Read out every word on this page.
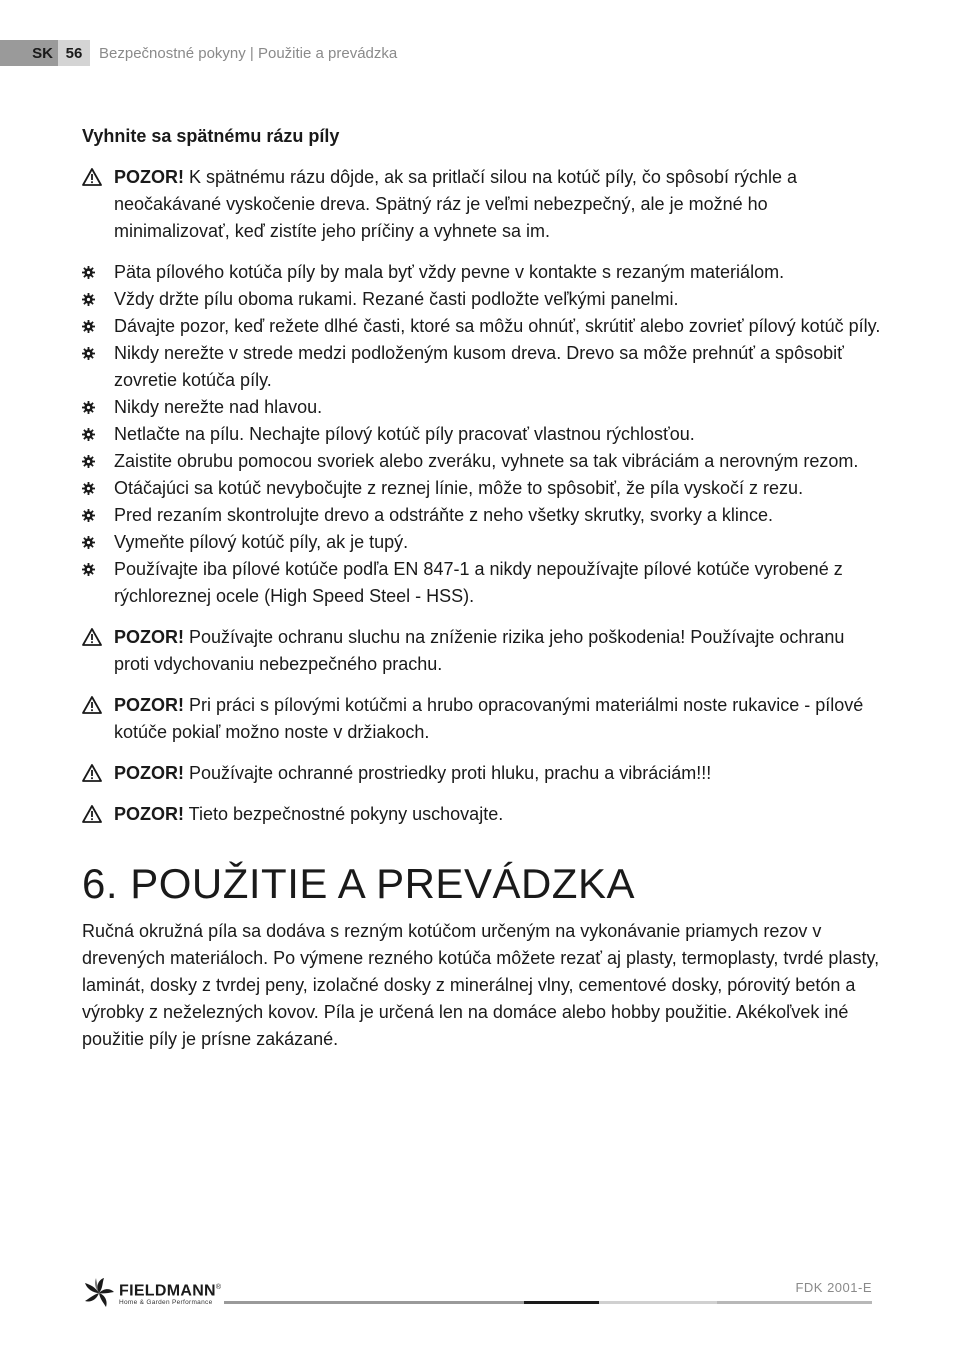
SK 56	Bezpečnostné pokyny | Použitie a prevádzka
Vyhnite sa spätnému rázu píly
POZOR! K spätnému rázu dôjde, ak sa pritlačí silou na kotúč píly, čo spôsobí rýchle a neočakávané vyskočenie dreva. Spätný ráz je veľmi nebezpečný, ale je možné ho minimalizovať, keď zistíte jeho príčiny a vyhnete sa im.
Päta pílového kotúča píly by mala byť vždy pevne v kontakte s rezaným materiálom.
Vždy držte pílu oboma rukami. Rezané časti podložte veľkými panelmi.
Dávajte pozor, keď režete dlhé časti, ktoré sa môžu ohnúť, skrútiť alebo zovrieť pílový kotúč píly.
Nikdy nerežte v strede medzi podloženým kusom dreva. Drevo sa môže prehnúť a spôsobiť zovretie kotúča píly.
Nikdy nerežte nad hlavou.
Netlačte na pílu. Nechajte pílový kotúč píly pracovať vlastnou rýchlosťou.
Zaistite obrubu pomocou svoriek alebo zveráku, vyhnete sa tak vibráciám a nerovným rezom.
Otáčajúci sa kotúč nevybočujte z reznej línie, môže to spôsobiť, že píla vyskočí z rezu.
Pred rezaním skontrolujte drevo a odstráňte z neho všetky skrutky, svorky a klince.
Vymeňte pílový kotúč píly, ak je tupý.
Používajte iba pílové kotúče podľa EN 847-1 a nikdy nepoužívajte pílové kotúče vyrobené z rýchloreznej ocele (High Speed Steel - HSS).
POZOR! Používajte ochranu sluchu na zníženie rizika jeho poškodenia! Používajte ochranu proti vdychovaniu nebezpečného prachu.
POZOR! Pri práci s pílovými kotúčmi a hrubo opracovanými materiálmi noste rukavice - pílové kotúče pokiaľ možno noste v držiakoch.
POZOR! Používajte ochranné prostriedky proti hluku, prachu a vibráciám!!!
POZOR! Tieto bezpečnostné pokyny uschovajte.
6. POUŽITIE A PREVÁDZKA

Ručná okružná píla sa dodáva s rezným kotúčom určeným na vykonávanie priamych rezov v drevených materiáloch. Po výmene rezného kotúča môžete rezať aj plasty, termoplasty, tvrdé plasty, laminát, dosky z tvrdej peny, izolačné dosky z minerálnej vlny, cementové dosky, pórovitý betón a výrobky z neželezných kovov. Píla je určená len na domáce alebo hobby použitie. Akékoľvek iné použitie píly je prísne zakázané.

FIELDMANN®
Home & Garden Performance
FDK 2001-E
